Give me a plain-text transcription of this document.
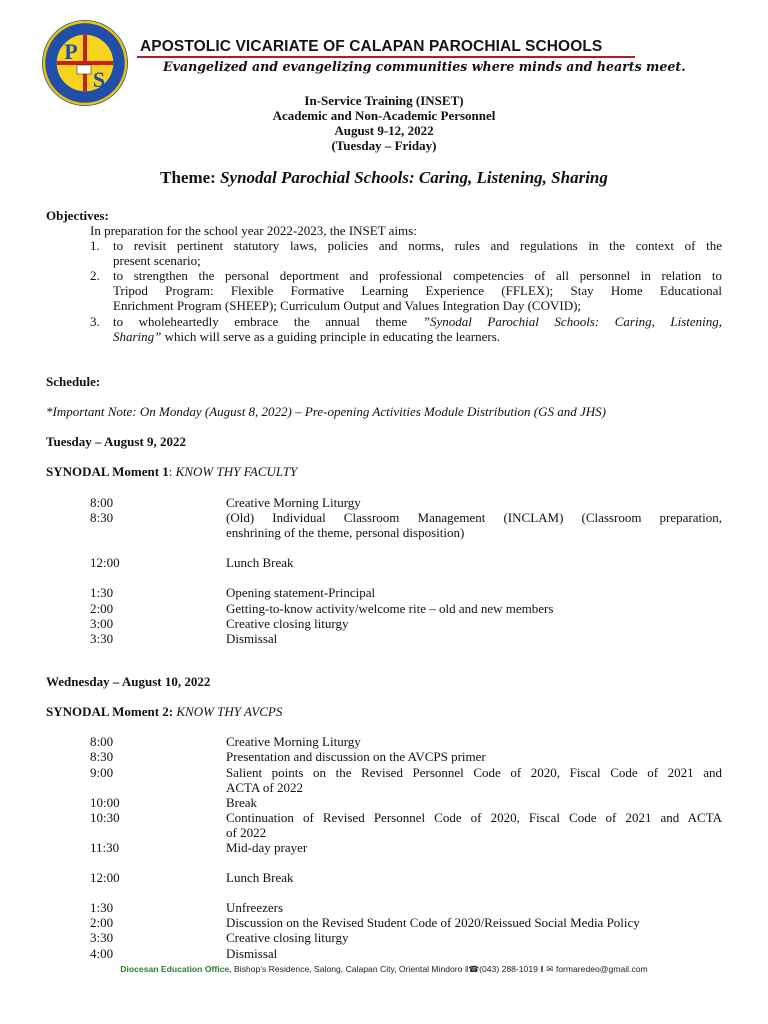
P
S
APOSTOLIC VICARIATE OF CALAPAN PAROCHIAL SCHOOLS
Evangelized and evangelizing communities where minds and hearts meet.
In-Service Training (INSET)
Academic and Non-Academic Personnel
August 9-12, 2022
(Tuesday – Friday)
Theme: Synodal Parochial Schools: Caring, Listening, Sharing
Objectives:
In preparation for the school year 2022-2023, the INSET aims:
1. to revisit pertinent statutory laws, policies and norms, rules and regulations in the context of the
present scenario;
2. to strengthen the personal deportment and professional competencies of all personnel in relation to
Tripod Program: Flexible Formative Learning Experience (FFLEX); Stay Home Educational
Enrichment Program (SHEEP); Curriculum Output and Values Integration Day (COVID);
3. to wholeheartedly embrace the annual theme ”Synodal Parochial Schools: Caring, Listening,
Sharing” which will serve as a guiding principle in educating the learners.
Schedule:
*Important Note: On Monday (August 8, 2022) – Pre-opening Activities Module Distribution (GS and JHS)
Tuesday – August 9, 2022
SYNODAL Moment 1: KNOW THY FACULTY
8:00	Creative Morning Liturgy
8:30	(Old) Individual Classroom Management (INCLAM) (Classroom preparation,
enshrining of the theme, personal disposition)
12:00	Lunch Break
1:30	Opening statement-Principal
2:00	Getting-to-know activity/welcome rite – old and new members
3:00	Creative closing liturgy
3:30	Dismissal
Wednesday – August 10, 2022
SYNODAL Moment 2: KNOW THY AVCPS
8:00	Creative Morning Liturgy
8:30	Presentation and discussion on the AVCPS primer
9:00	Salient points on the Revised Personnel Code of 2020, Fiscal Code of 2021 and
ACTA of 2022
10:00	Break
10:30	Continuation of Revised Personnel Code of 2020, Fiscal Code of 2021 and ACTA
of 2022
11:30	Mid-day prayer
12:00	Lunch Break
1:30	Unfreezers
2:00	Discussion on the Revised Student Code of 2020/Reissued Social Media Policy
3:30	Creative closing liturgy
4:00	Dismissal
Diocesan Education Office, Bishop’s Residence, Salong, Calapan City, Oriental Mindoro ‖☎(043) 288-1019 ‖ ✉ formaredeo@gmail.com
